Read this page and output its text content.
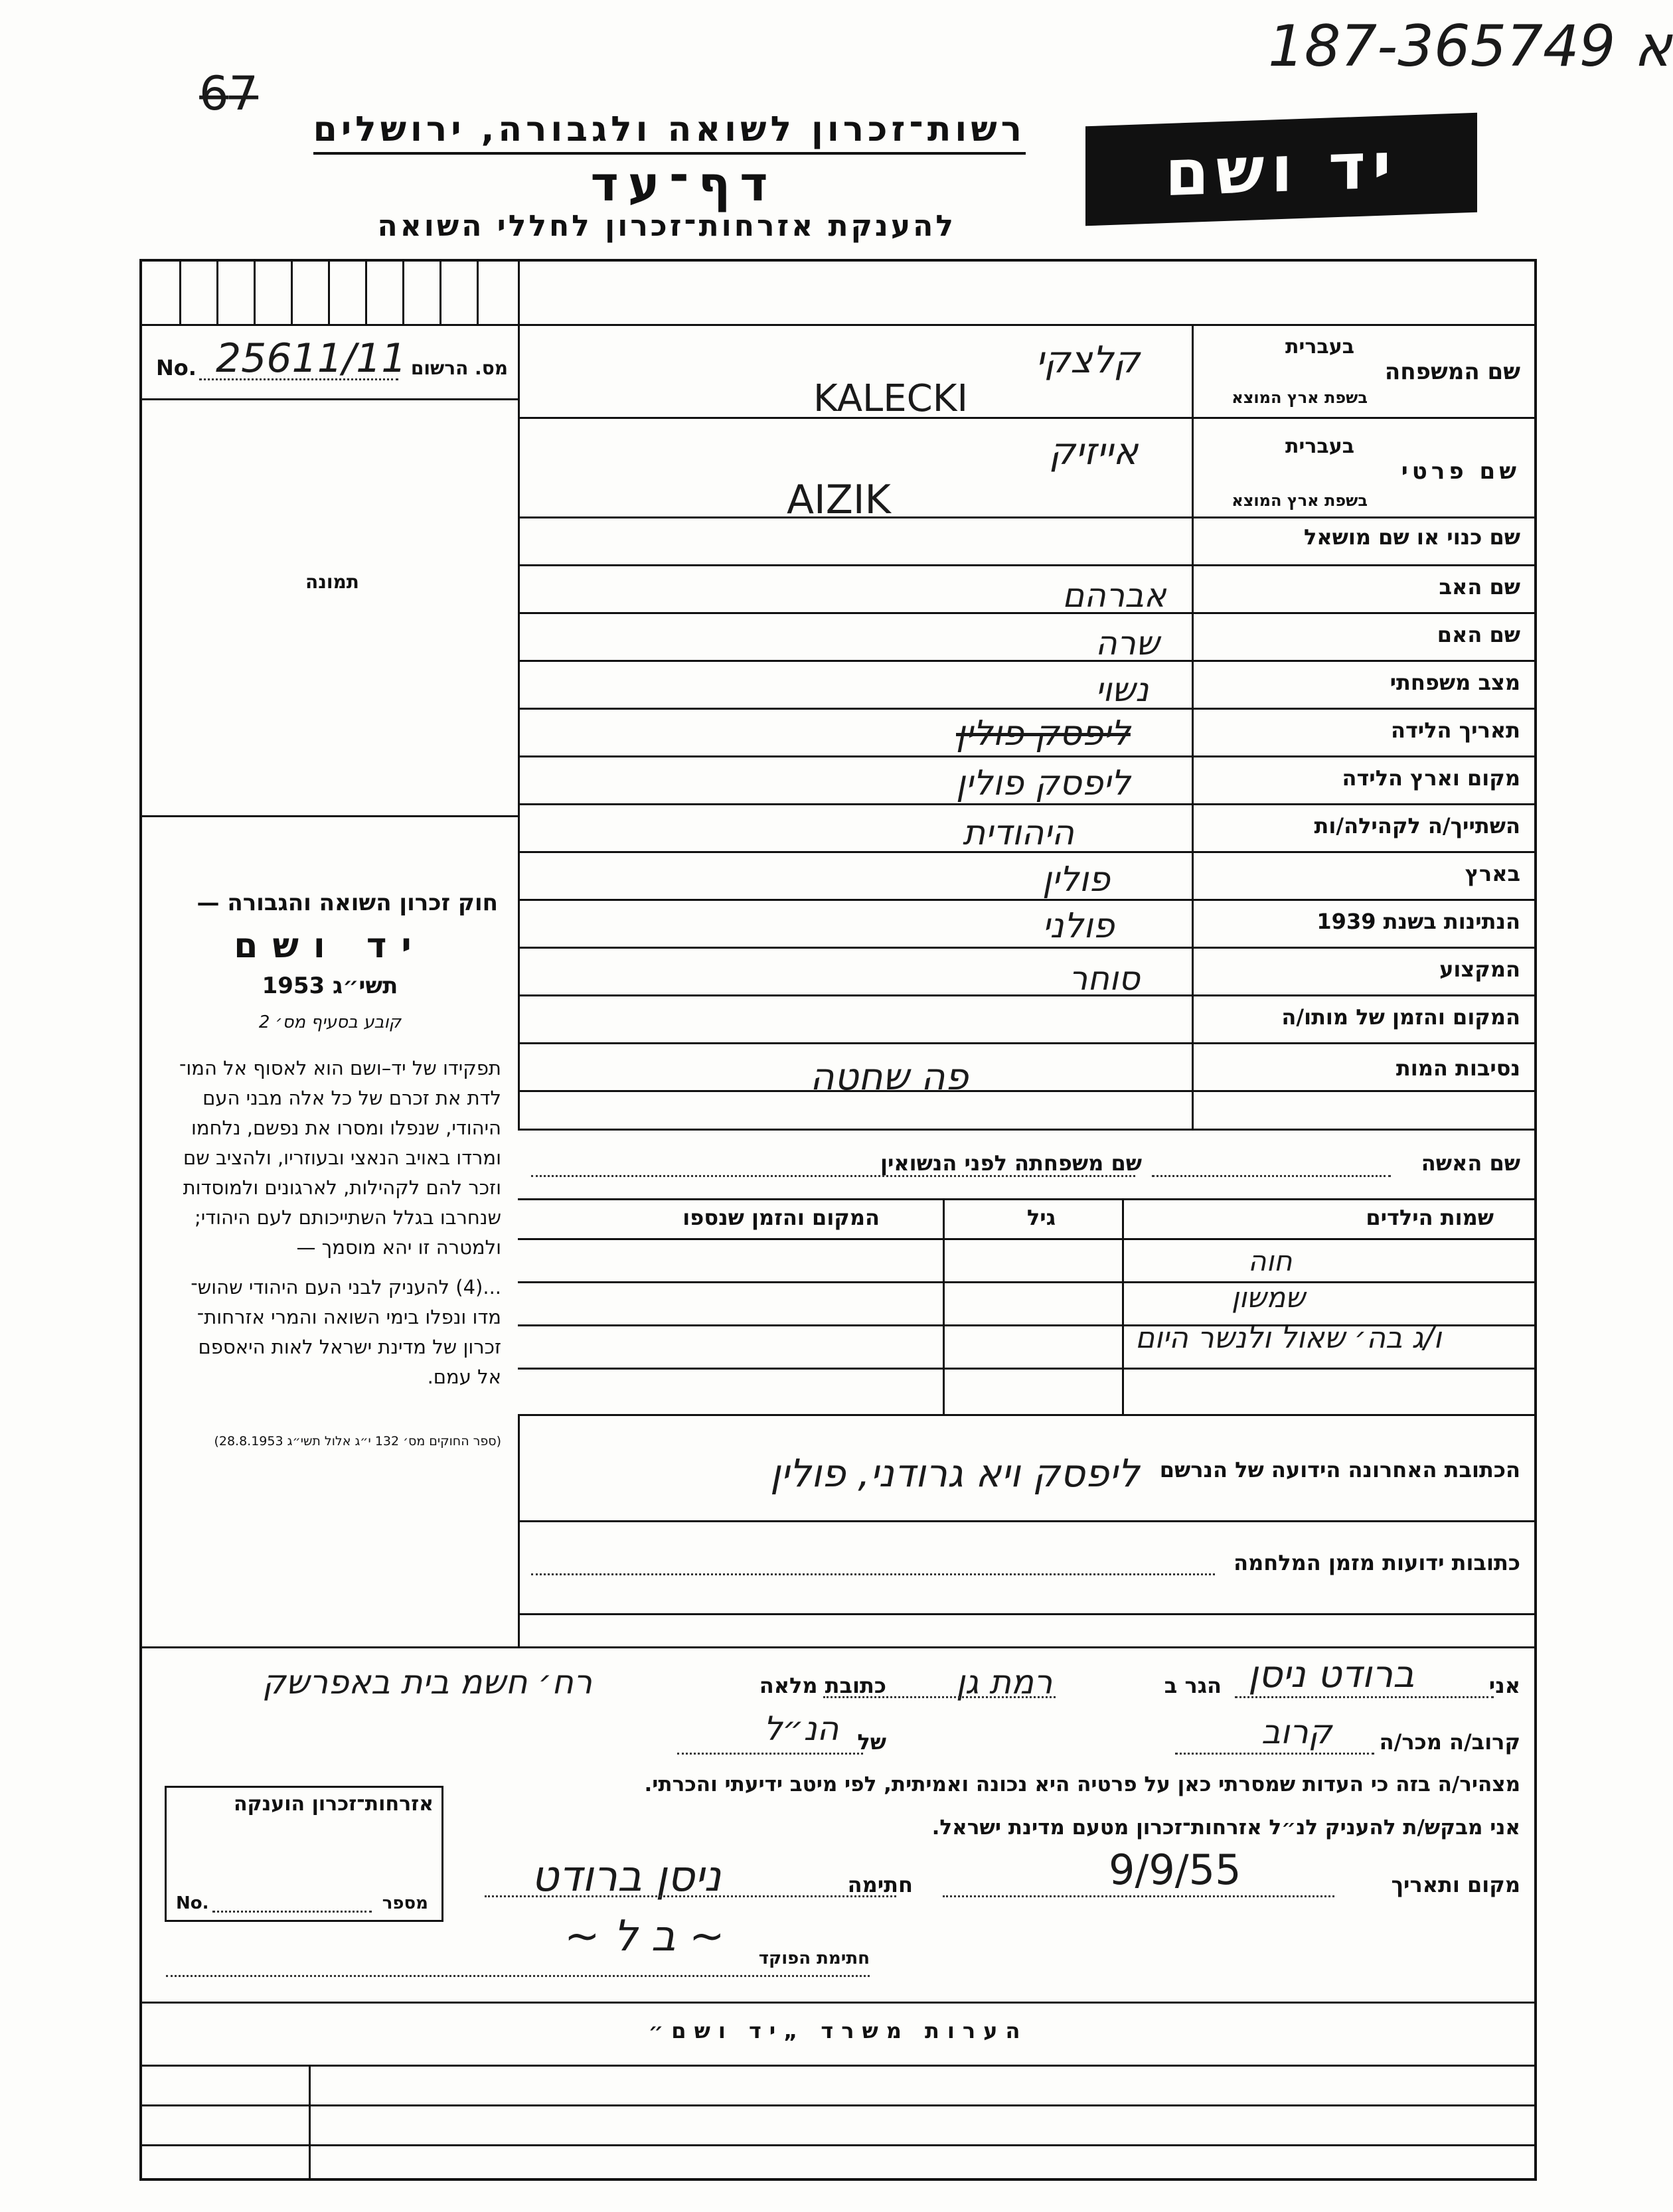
187-א 365749
6̶7̶
רשות־זכרון לשואה ולגבורה, ירושלים
דף־עד
להענקת אזרחות־זכרון לחללי השואה
יד ושם
No. 25611/11 מס. הרשום
תמונה
חוק זכרון השואה והגבורה —
יד ושם
תשי״ג 1953
קובע בסעיף מס׳ 2
תפקידו של יד–ושם הוא לאסוף אל המו־
לדת את זכרם של כל אלה מבני העם
היהודי, שנפלו ומסרו את נפשם, נלחמו
ומרדו באויב הנאצי ובעוזריו, ולהציב שם
וזכר להם לקהילות, לארגונים ולמוסדות
שנחרבו בגלל השתייכותם לעם היהודי;
ולמטרה זו יהא מוסמך —
...(4) להעניק לבני העם היהודי שהוש־
מדו ונפלו בימי השואה והמרי אזרחות־
זכרון של מדינת ישראל לאות היאספם
אל עמם.
(ספר החוקים מס׳ 132 י״ג אלול תשי״ג 28.8.1953)
שם המשפחה
בעברית
בשפת ארץ המוצא
שם פרטי
בעברית
בשפת ארץ המוצא
שם כנוי או שם מושאל
שם האב
שם האם
מצב משפחתי
תאריך הלידה
מקום וארץ הלידה
השתייך/ה לקהילה/ות
בארץ
הנתינות בשנת 1939
המקצוע
המקום והזמן של מותו/ה
נסיבות המות
קלצקי
KALECKI
אייזיק
AIZIK
אברהם
שרה
נשוי
ליפסק פולין
ליפסק פולין
היהודית
פולין
פולני
סוחר
פה שחטה
שם האשה
שם משפחתה לפני הנשואין
שמות הילדים
גיל
המקום והזמן שנספו
חוה
שמשון
ו/ג בה׳ שאול ולנשר היום
הכתובת האחרונה הידועה של הנרשם
ליפסק ויא גרודני, פולין
כתובות ידועות מזמן המלחמה
אני
ברודט ניסן
הגר ב
רמת גן
כתובת מלאה
רח׳ חשמ בית באפרשק
קרוב/ה מכר/ה
קרוב
של
הנ״ל
מצהיר/ה בזה כי העדות שמסרתי כאן על פרטיה היא נכונה ואמיתית, לפי מיטב ידיעתי והכרתי.
אני מבקש/ת להעניק לנ״ל אזרחות־זכרון מטעם מדינת ישראל.
מקום ותאריך
9/9/55
חתימה
ניסן ברודט
~ ב ל ~ חתימת הפוקד
אזרחות־זכרון הוענקה
No.	מספר
הערות משרד „יד ושם״
